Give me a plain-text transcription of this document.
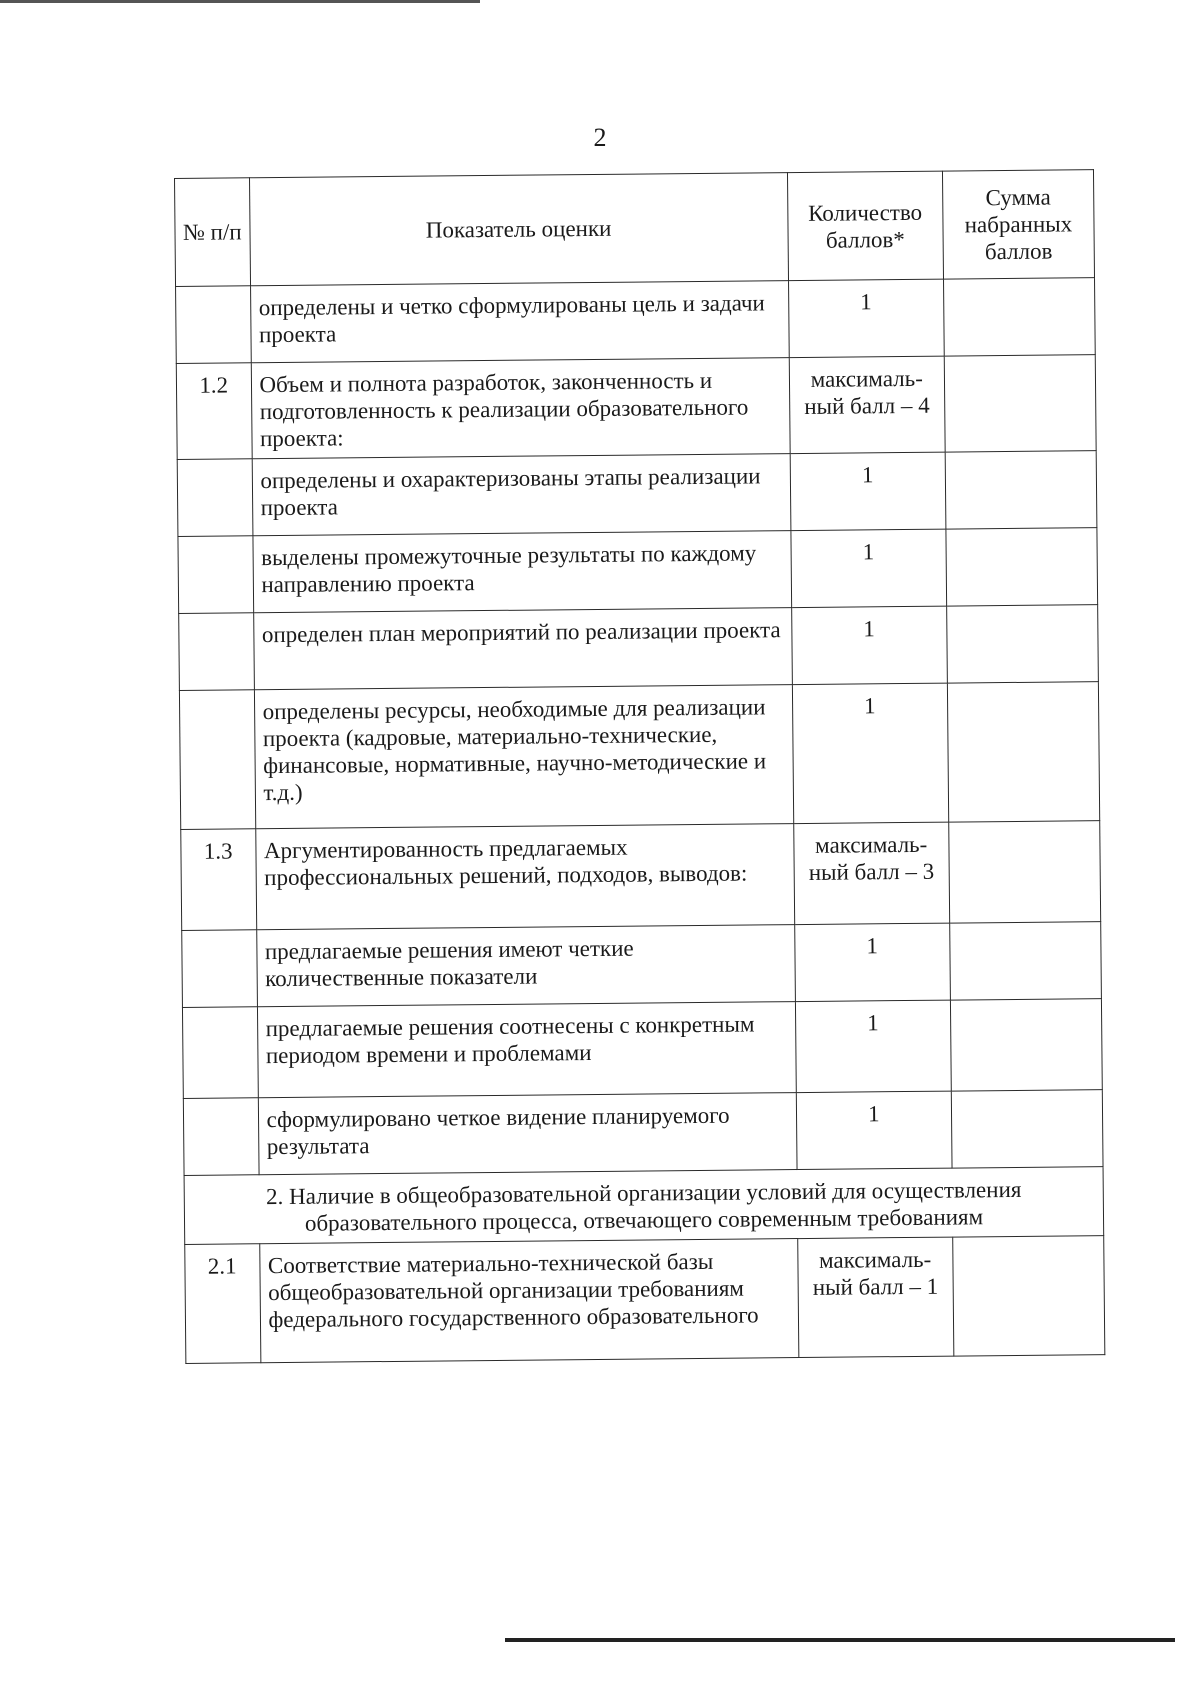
2
№ п/п	Показатель оценки	Количество баллов*	Сумма набранных баллов
	определены и четко сформулированы цель и задачи проекта	1	
1.2	Объем и полнота разработок, законченность и подготовленность к реализации образовательного проекта:	максималь-ный балл – 4	
	определены и охарактеризованы этапы реализации проекта	1	
	выделены промежуточные результаты по каждому направлению проекта	1	
	определен план мероприятий по реализации проекта	1	
	определены ресурсы, необходимые для реализации проекта (кадровые, материально-технические, финансовые, нормативные, научно-методические и т.д.)	1	
1.3	Аргументированность предлагаемых профессиональных решений, подходов, выводов:	максималь-ный балл – 3	
	предлагаемые решения имеют четкие количественные показатели	1	
	предлагаемые решения соотнесены с конкретным периодом времени и проблемами	1	
	сформулировано четкое видение планируемого результата	1	
2. Наличие в общеобразовательной организации условий для осуществления образовательного процесса, отвечающего современным требованиям			
2.1	Соответствие материально-технической базы общеобразовательной организации требованиям федерального государственного образовательного	максималь-ный балл – 1	
